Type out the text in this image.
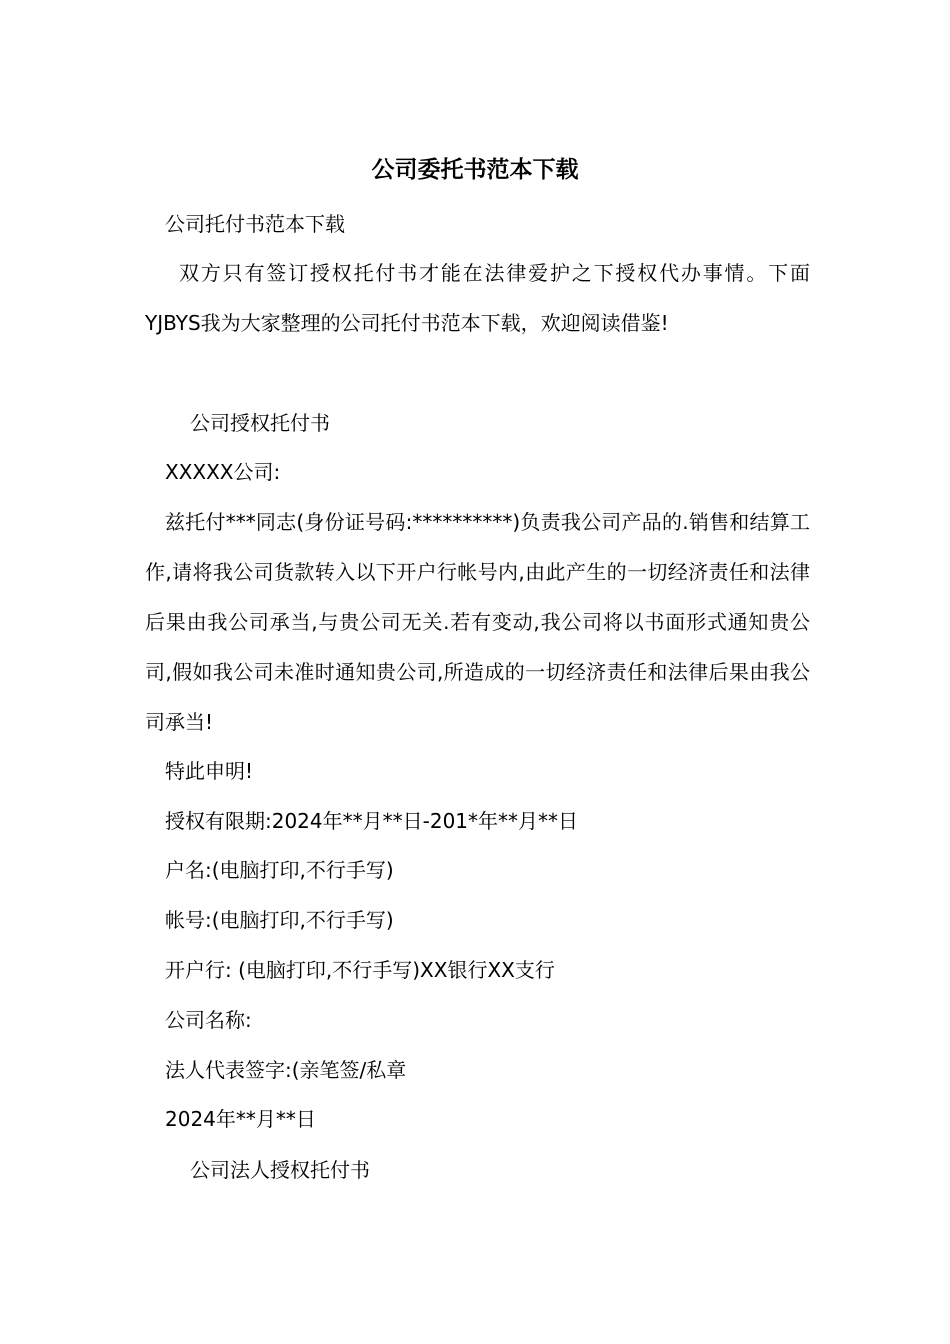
公司委托书范本下载
公司托付书范本下载
双方只有签订授权托付书才能在法律爱护之下授权代办事情。下面YJBYS我为大家整理的公司托付书范本下载，欢迎阅读借鉴!
公司授权托付书
XXXXX公司:
兹托付***同志(身份证号码:**********)负责我公司产品的.销售和结算工作,请将我公司货款转入以下开户行帐号内,由此产生的一切经济责任和法律后果由我公司承当,与贵公司无关.若有变动,我公司将以书面形式通知贵公司,假如我公司未准时通知贵公司,所造成的一切经济责任和法律后果由我公司承当!
特此申明!
授权有限期:2024年**月**日-201*年**月**日
户名:(电脑打印,不行手写)
帐号:(电脑打印,不行手写)
开户行: (电脑打印,不行手写)XX银行XX支行
公司名称:
法人代表签字:(亲笔签/私章
2024年**月**日
公司法人授权托付书
